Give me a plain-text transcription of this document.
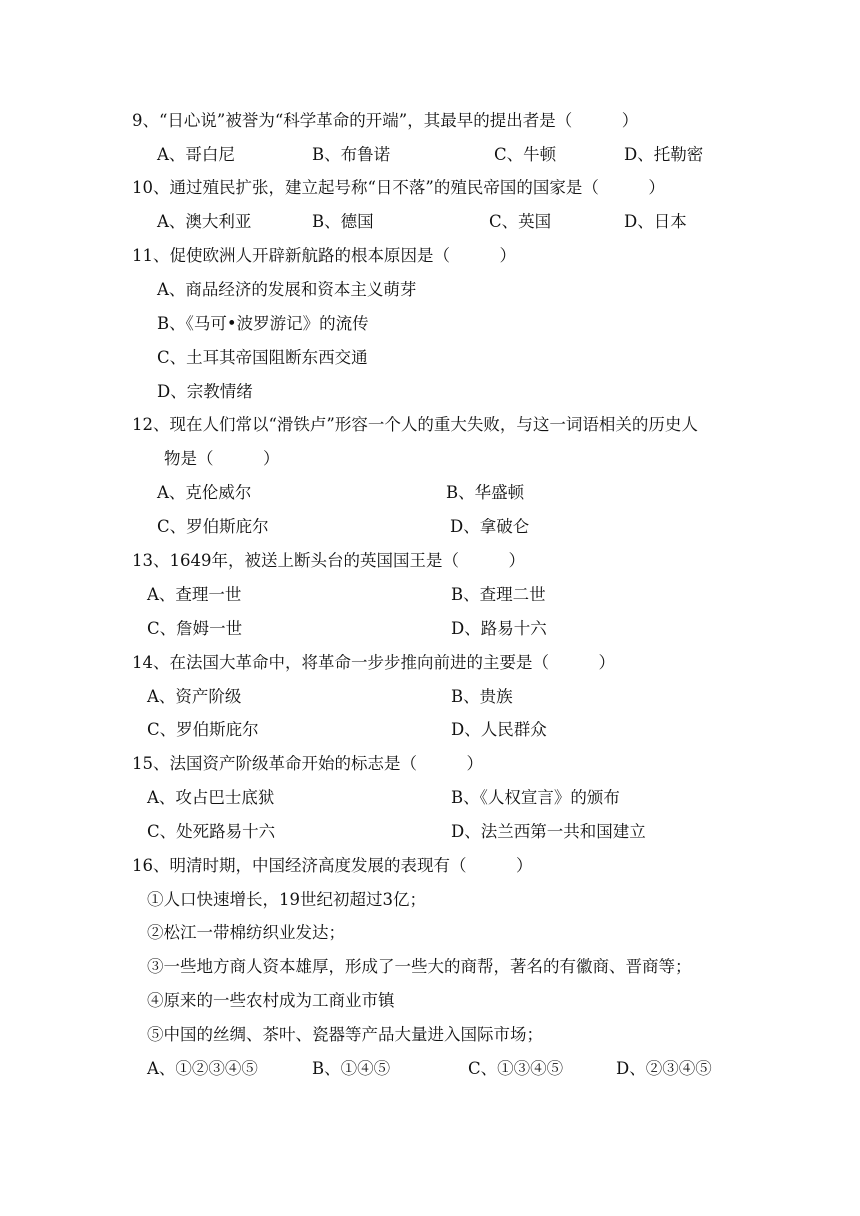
9、“日心说”被誉为“科学革命的开端”，其最早的提出者是（　　　）
A、哥白尼	B、布鲁诺	C、牛顿	D、托勒密
10、通过殖民扩张，建立起号称“日不落”的殖民帝国的国家是（　　　）
A、澳大利亚	B、德国	C、英国	D、日本
11、促使欧洲人开辟新航路的根本原因是（　　　）
A、商品经济的发展和资本主义萌芽
B、《马可•波罗游记》的流传
C、土耳其帝国阻断东西交通
D、宗教情绪
12、现在人们常以“滑铁卢”形容一个人的重大失败，与这一词语相关的历史人
物是（　　　）
A、克伦威尔	B、华盛顿
C、罗伯斯庇尔	D、拿破仑
13、1649年，被送上断头台的英国国王是（　　　）
A、查理一世	B、查理二世
C、詹姆一世	D、路易十六
14、在法国大革命中，将革命一步步推向前进的主要是（　　　）
A、资产阶级	B、贵族
C、罗伯斯庇尔	D、人民群众
15、法国资产阶级革命开始的标志是（　　　）
A、攻占巴士底狱	B、《人权宣言》的颁布
C、处死路易十六	D、法兰西第一共和国建立
16、明清时期，中国经济高度发展的表现有（　　　）
①人口快速增长，19世纪初超过3亿；
②松江一带棉纺织业发达；
③一些地方商人资本雄厚，形成了一些大的商帮，著名的有徽商、晋商等；
④原来的一些农村成为工商业市镇
⑤中国的丝绸、茶叶、瓷器等产品大量进入国际市场；
A、①②③④⑤	B、①④⑤	C、①③④⑤	D、②③④⑤
